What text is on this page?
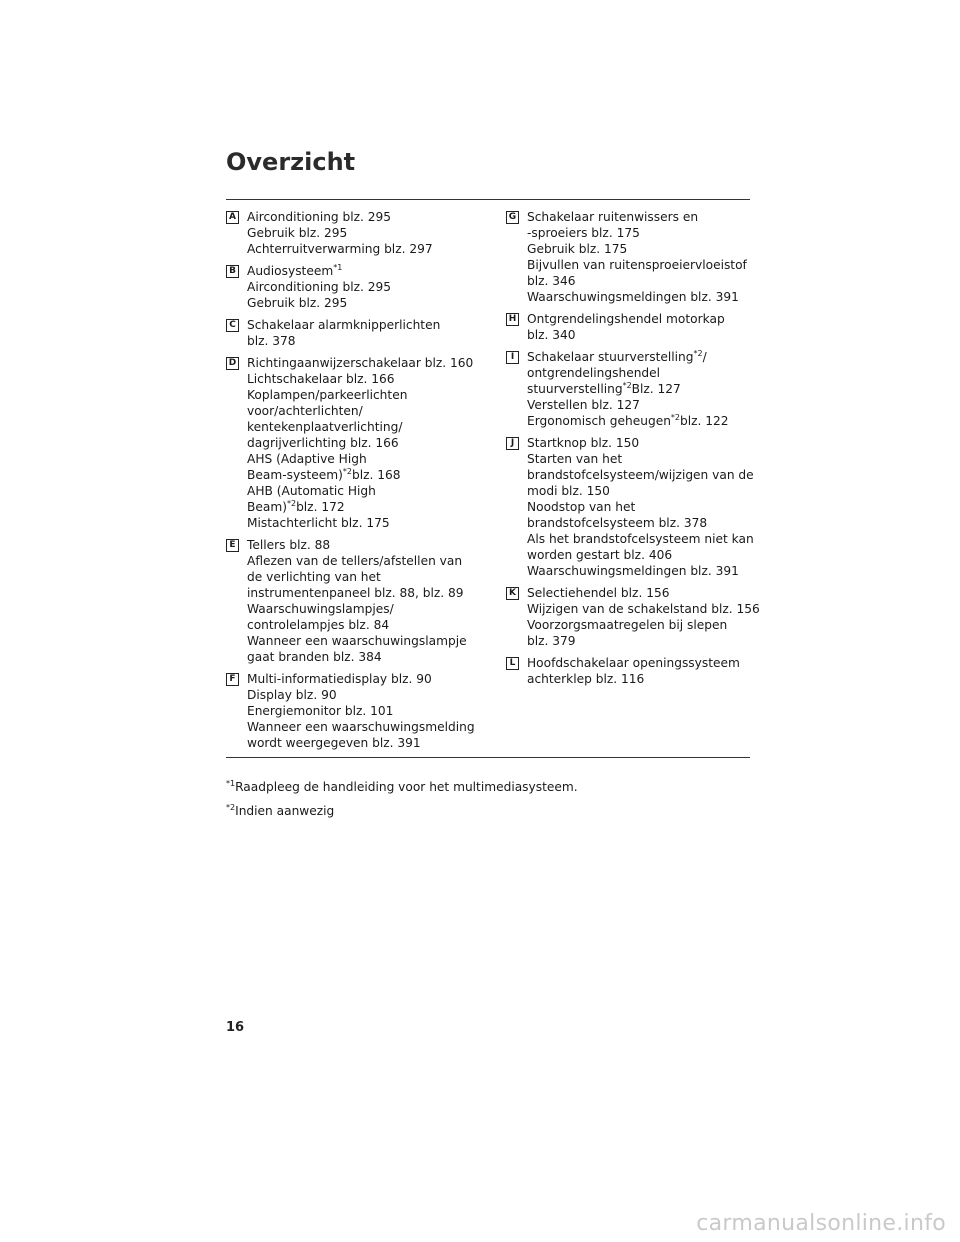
Overzicht
A Airconditioning blz. 295
Gebruik blz. 295
Achterruitverwarming blz. 297
B Audiosysteem$^{*1}$
Airconditioning blz. 295
Gebruik blz. 295
C Schakelaar alarmknipperlichten
blz. 378
D Richtingaanwijzerschakelaar blz. 160
Lichtschakelaar blz. 166
Koplampen/parkeerlichten
voor/achterlichten/
kentekenplaatverlichting/
dagrijverlichting blz. 166
AHS (Adaptive High
Beam-systeem)$^{*2}$blz. 168
AHB (Automatic High
Beam)$^{*2}$blz. 172
Mistachterlicht blz. 175
E Tellers blz. 88
Aflezen van de tellers/afstellen van
de verlichting van het
instrumentenpaneel blz. 88, blz. 89
Waarschuwingslampjes/
controlelampjes blz. 84
Wanneer een waarschuwingslampje
gaat branden blz. 384
F Multi-informatiedisplay blz. 90
Display blz. 90
Energiemonitor blz. 101
Wanneer een waarschuwingsmelding
wordt weergegeven blz. 391
G Schakelaar ruitenwissers en
-sproeiers blz. 175
Gebruik blz. 175
Bijvullen van ruitensproeiervloeistof
blz. 346
Waarschuwingsmeldingen blz. 391
H Ontgrendelingshendel motorkap
blz. 340
I	Schakelaar stuurverstelling$^{*2}$/
ontgrendelingshendel
stuurverstelling$^{*2}$Blz. 127
Verstellen blz. 127
Ergonomisch geheugen$^{*2}$blz. 122
J	Startknop blz. 150
Starten van het
brandstofcelsysteem/wijzigen van de
modi blz. 150
Noodstop van het
brandstofcelsysteem blz. 378
Als het brandstofcelsysteem niet kan
worden gestart blz. 406
Waarschuwingsmeldingen blz. 391
K Selectiehendel blz. 156
Wijzigen van de schakelstand blz. 156
Voorzorgsmaatregelen bij slepen
blz. 379
L Hoofdschakelaar openingssysteem
achterklep blz. 116
$^{*1}$Raadpleeg de handleiding voor het multimediasysteem.
$^{*2}$Indien aanwezig
16
carmanualsonline.info
